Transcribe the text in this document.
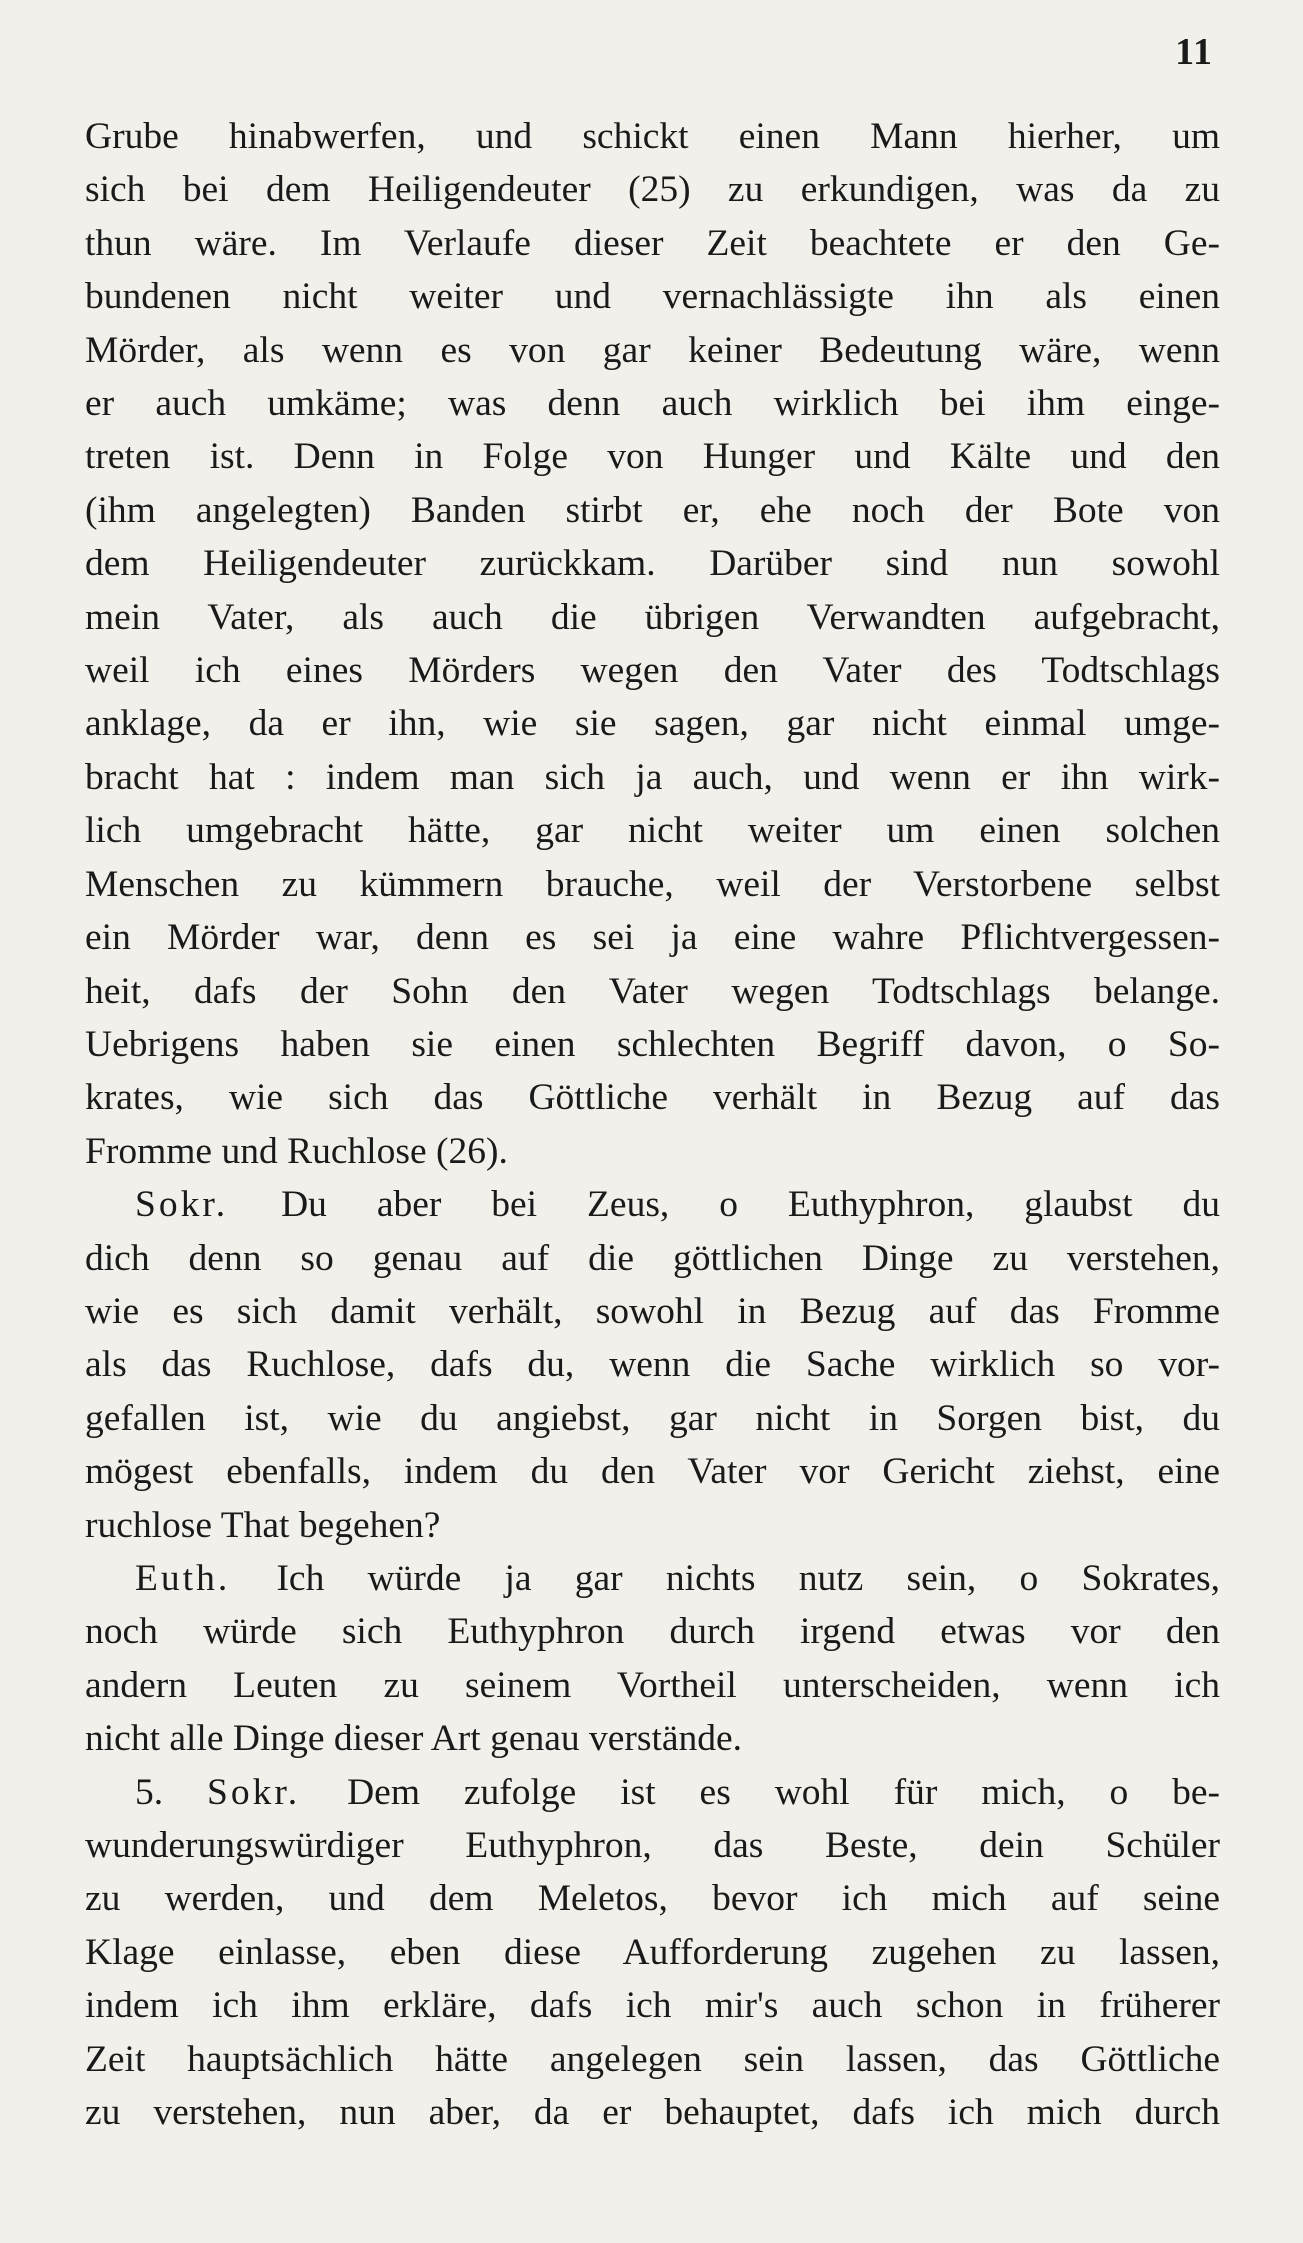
11
Grube hinabwerfen, und schickt einen Mann hierher, um
sich bei dem Heiligendeuter (25) zu erkundigen, was da zu
thun wäre. Im Verlaufe dieser Zeit beachtete er den Ge-
bundenen nicht weiter und vernachlässigte ihn als einen
Mörder, als wenn es von gar keiner Bedeutung wäre, wenn
er auch umkäme; was denn auch wirklich bei ihm einge-
treten ist. Denn in Folge von Hunger und Kälte und den
(ihm angelegten) Banden stirbt er, ehe noch der Bote von
dem Heiligendeuter zurückkam. Darüber sind nun sowohl
mein Vater, als auch die übrigen Verwandten aufgebracht,
weil ich eines Mörders wegen den Vater des Todtschlags
anklage, da er ihn, wie sie sagen, gar nicht einmal umge-
bracht hat : indem man sich ja auch, und wenn er ihn wirk-
lich umgebracht hätte, gar nicht weiter um einen solchen
Menschen zu kümmern brauche, weil der Verstorbene selbst
ein Mörder war, denn es sei ja eine wahre Pflichtvergessen-
heit, dafs der Sohn den Vater wegen Todtschlags belange.
Uebrigens haben sie einen schlechten Begriff davon, o So-
krates, wie sich das Göttliche verhält in Bezug auf das
Fromme und Ruchlose (26).
Sokr. Du aber bei Zeus, o Euthyphron, glaubst du
dich denn so genau auf die göttlichen Dinge zu verstehen,
wie es sich damit verhält, sowohl in Bezug auf das Fromme
als das Ruchlose, dafs du, wenn die Sache wirklich so vor-
gefallen ist, wie du angiebst, gar nicht in Sorgen bist, du
mögest ebenfalls, indem du den Vater vor Gericht ziehst, eine
ruchlose That begehen?
Euth. Ich würde ja gar nichts nutz sein, o Sokrates,
noch würde sich Euthyphron durch irgend etwas vor den
andern Leuten zu seinem Vortheil unterscheiden, wenn ich
nicht alle Dinge dieser Art genau verstände.
5. Sokr. Dem zufolge ist es wohl für mich, o be-
wunderungswürdiger Euthyphron, das Beste, dein Schüler
zu werden, und dem Meletos, bevor ich mich auf seine
Klage einlasse, eben diese Aufforderung zugehen zu lassen,
indem ich ihm erkläre, dafs ich mir's auch schon in früherer
Zeit hauptsächlich hätte angelegen sein lassen, das Göttliche
zu verstehen, nun aber, da er behauptet, dafs ich mich durch
